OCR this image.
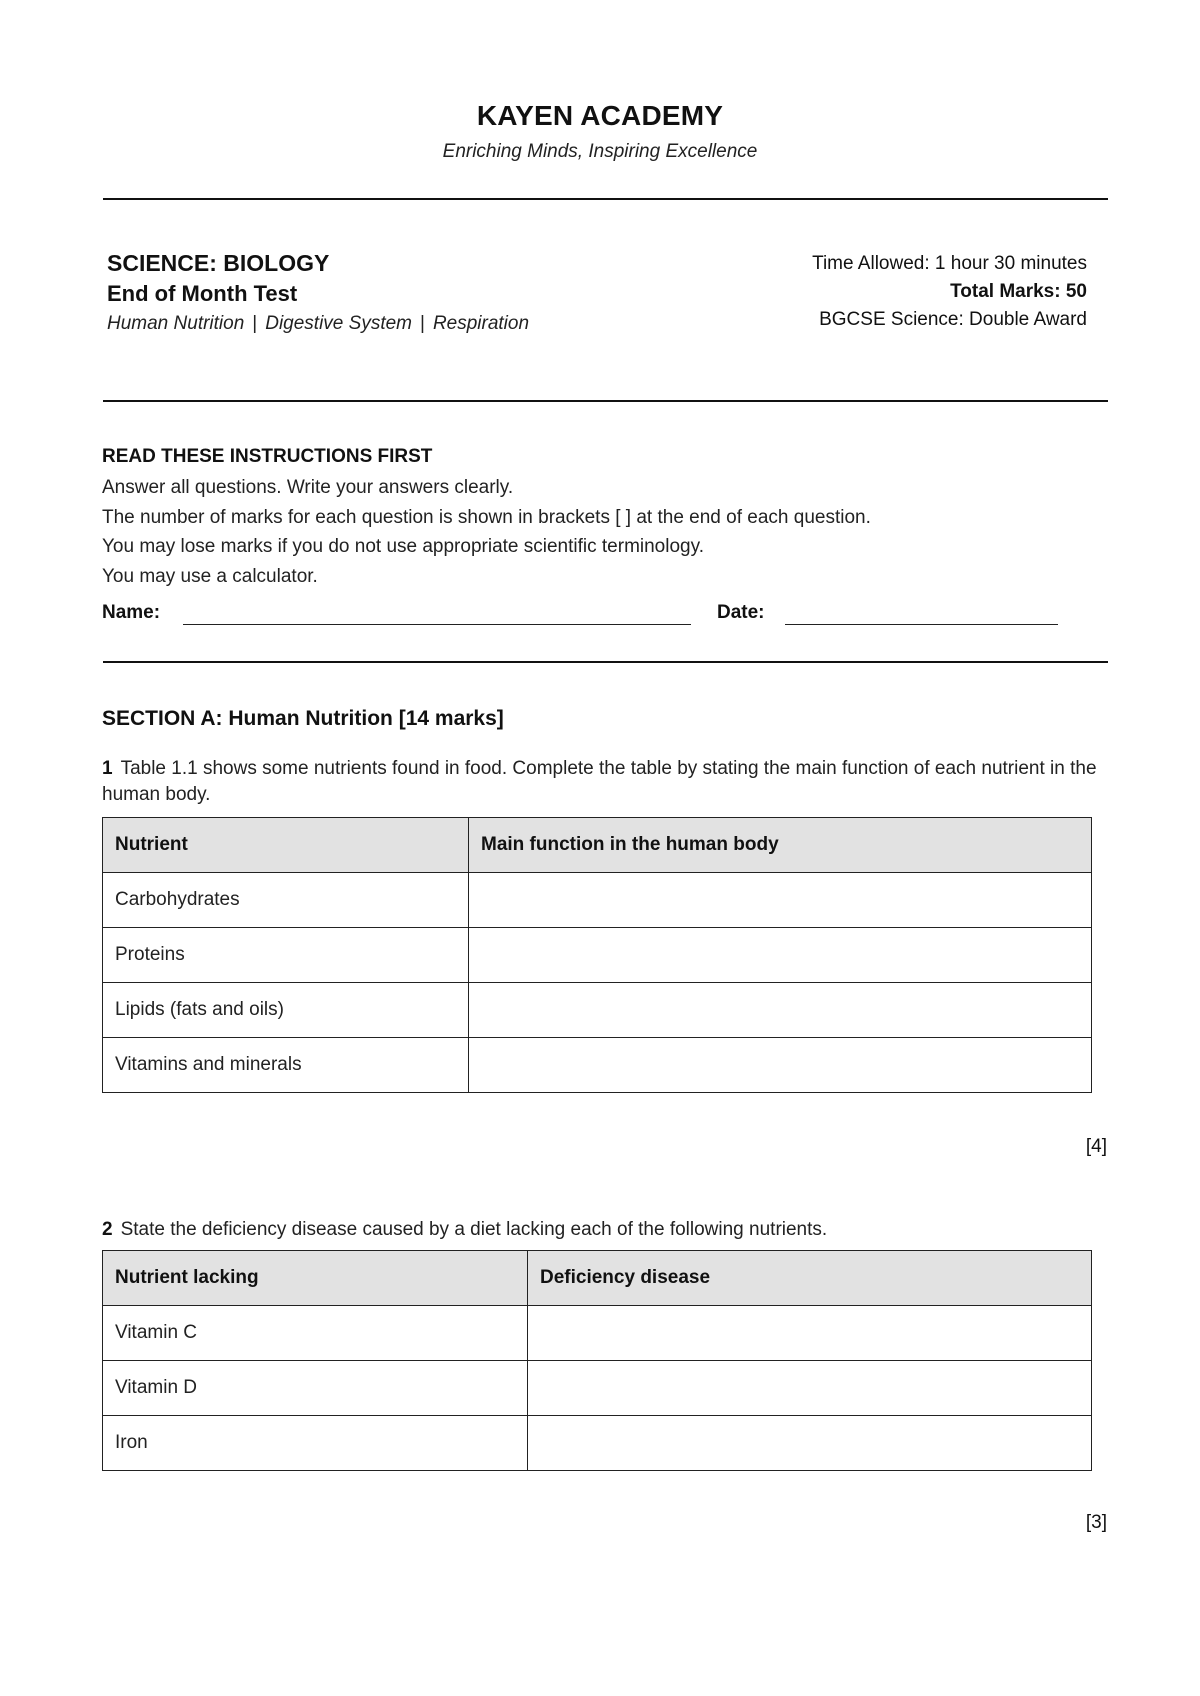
KAYEN ACADEMY
Enriching Minds, Inspiring Excellence
SCIENCE: BIOLOGY
End of Month Test
Human Nutrition | Digestive System | Respiration
Time Allowed: 1 hour 30 minutes
Total Marks: 50
BGCSE Science: Double Award
READ THESE INSTRUCTIONS FIRST
Answer all questions. Write your answers clearly.
The number of marks for each question is shown in brackets [ ] at the end of each question.
You may lose marks if you do not use appropriate scientific terminology.
You may use a calculator.
Name:	Date:
SECTION A: Human Nutrition [14 marks]
1 Table 1.1 shows some nutrients found in food. Complete the table by stating the main function of each nutrient in the human body.
Nutrient	Main function in the human body
Carbohydrates	
Proteins	
Lipids (fats and oils)	
Vitamins and minerals	
[4]
2 State the deficiency disease caused by a diet lacking each of the following nutrients.
Nutrient lacking	Deficiency disease
Vitamin C	
Vitamin D	
Iron	
[3]
